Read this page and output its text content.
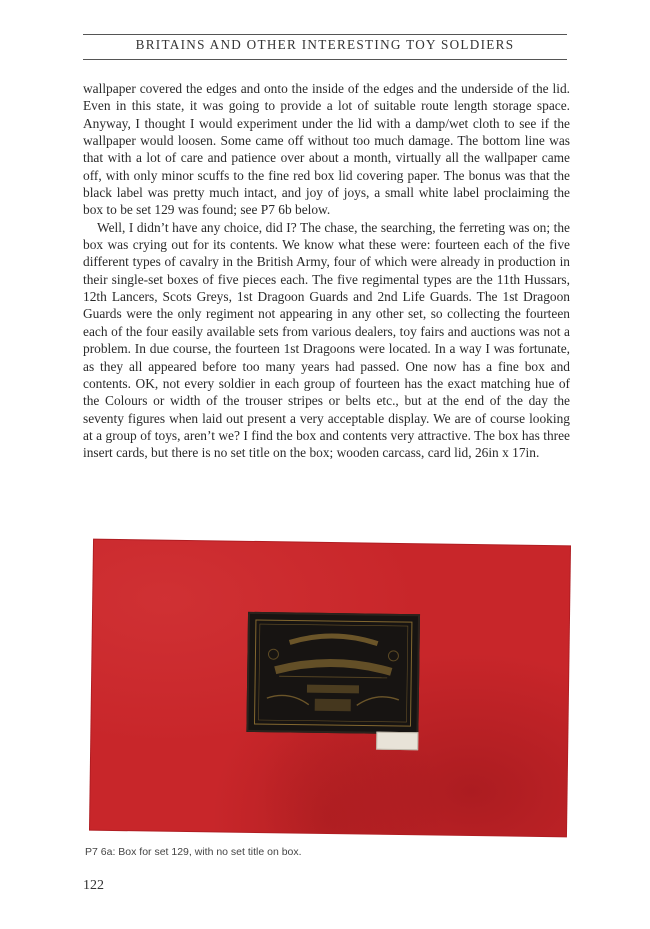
BRITAINS AND OTHER INTERESTING TOY SOLDIERS

wallpaper covered the edges and onto the inside of the edges and the underside of the lid. Even in this state, it was going to provide a lot of suitable route length storage space. Anyway, I thought I would experiment under the lid with a damp/wet cloth to see if the wallpaper would loosen. Some came off without too much damage. The bottom line was that with a lot of care and patience over about a month, virtually all the wallpaper came off, with only minor scuffs to the fine red box lid covering paper. The bonus was that the black label was pretty much intact, and joy of joys, a small white label proclaiming the box to be set 129 was found; see P7 6b below.

Well, I didn’t have any choice, did I? The chase, the searching, the ferreting was on; the box was crying out for its contents. We know what these were: fourteen each of the five different types of cavalry in the British Army, four of which were already in production in their single-set boxes of five pieces each. The five regimental types are the 11th Hussars, 12th Lancers, Scots Greys, 1st Dragoon Guards and 2nd Life Guards. The 1st Dragoon Guards were the only regiment not appearing in any other set, so collecting the fourteen each of the four easily available sets from various dealers, toy fairs and auctions was not a problem. In due course, the fourteen 1st Dragoons were located. In a way I was fortunate, as they all appeared before too many years had passed. One now has a fine box and contents. OK, not every soldier in each group of fourteen has the exact matching hue of the Colours or width of the trouser stripes or belts etc., but at the end of the day the seventy figures when laid out present a very acceptable display. We are of course looking at a group of toys, aren’t we? I find the box and contents very attractive. The box has three insert cards, but there is no set title on the box; wooden carcass, card lid, 26in x 17in.

P7 6a: Box for set 129, with no set title on box.
122
